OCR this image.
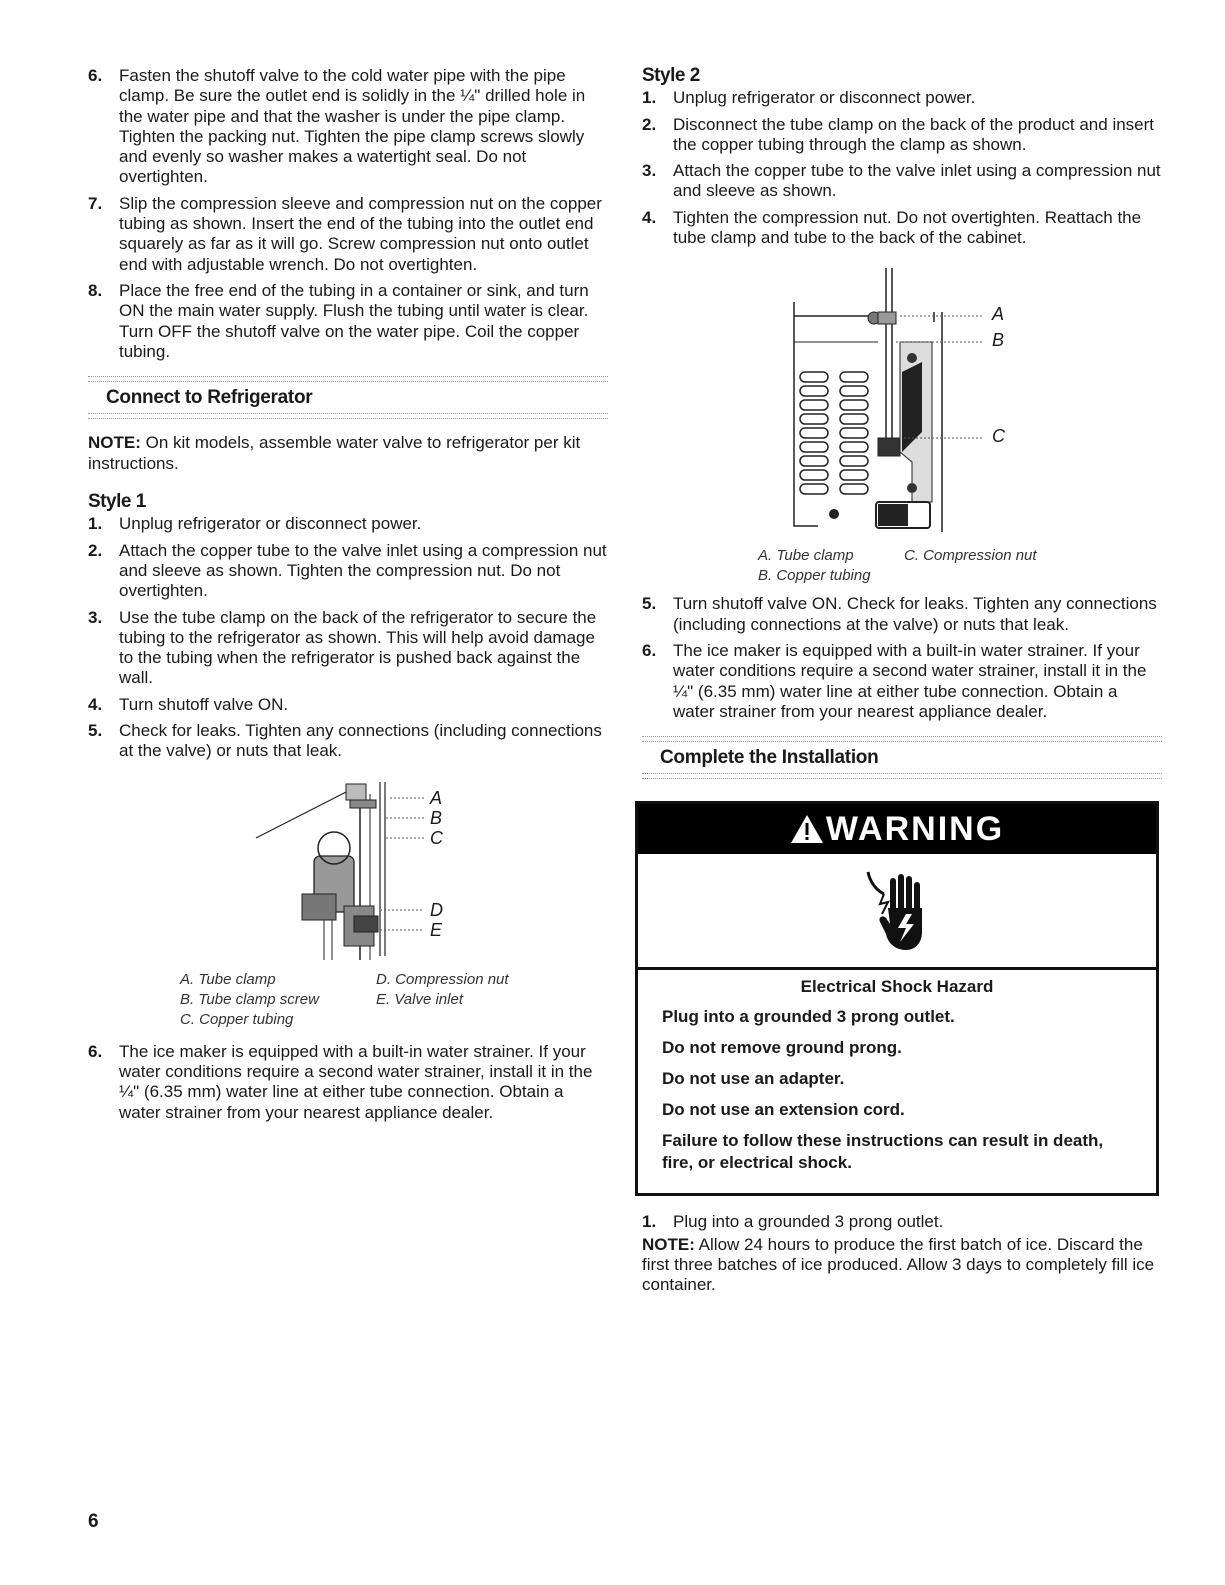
6. Fasten the shutoff valve to the cold water pipe with the pipe clamp. Be sure the outlet end is solidly in the ¼" drilled hole in the water pipe and that the washer is under the pipe clamp. Tighten the packing nut. Tighten the pipe clamp screws slowly and evenly so washer makes a watertight seal. Do not overtighten.
7. Slip the compression sleeve and compression nut on the copper tubing as shown. Insert the end of the tubing into the outlet end squarely as far as it will go. Screw compression nut onto outlet end with adjustable wrench. Do not overtighten.
8. Place the free end of the tubing in a container or sink, and turn ON the main water supply. Flush the tubing until water is clear. Turn OFF the shutoff valve on the water pipe. Coil the copper tubing.
Connect to Refrigerator

NOTE: On kit models, assemble water valve to refrigerator per kit instructions.

Style 1
1. Unplug refrigerator or disconnect power.
2. Attach the copper tube to the valve inlet using a compression nut and sleeve as shown. Tighten the compression nut. Do not overtighten.
3. Use the tube clamp on the back of the refrigerator to secure the tubing to the refrigerator as shown. This will help avoid damage to the tubing when the refrigerator is pushed back against the wall.
4. Turn shutoff valve ON.
5. Check for leaks. Tighten any connections (including connections at the valve) or nuts that leak.
A
B
C
D
E
A. Tube clamp
B. Tube clamp screw
C. Copper tubing
D. Compression nut
E. Valve inlet
6. The ice maker is equipped with a built-in water strainer. If your water conditions require a second water strainer, install it in the ¼" (6.35 mm) water line at either tube connection. Obtain a water strainer from your nearest appliance dealer.
Style 2
1. Unplug refrigerator or disconnect power.
2. Disconnect the tube clamp on the back of the product and insert the copper tubing through the clamp as shown.
3. Attach the copper tube to the valve inlet using a compression nut and sleeve as shown.
4. Tighten the compression nut. Do not overtighten. Reattach the tube clamp and tube to the back of the cabinet.
A
B
C
A. Tube clamp
B. Copper tubing
C. Compression nut
5. Turn shutoff valve ON. Check for leaks. Tighten any connections (including connections at the valve) or nuts that leak.
6. The ice maker is equipped with a built-in water strainer. If your water conditions require a second water strainer, install it in the ¼" (6.35 mm) water line at either tube connection. Obtain a water strainer from your nearest appliance dealer.
Complete the Installation
WARNING
Electrical Shock Hazard

Plug into a grounded 3 prong outlet.

Do not remove ground prong.

Do not use an adapter.

Do not use an extension cord.

Failure to follow these instructions can result in death, fire, or electrical shock.

1. Plug into a grounded 3 prong outlet.

NOTE: Allow 24 hours to produce the first batch of ice. Discard the first three batches of ice produced. Allow 3 days to completely fill ice container.

6
